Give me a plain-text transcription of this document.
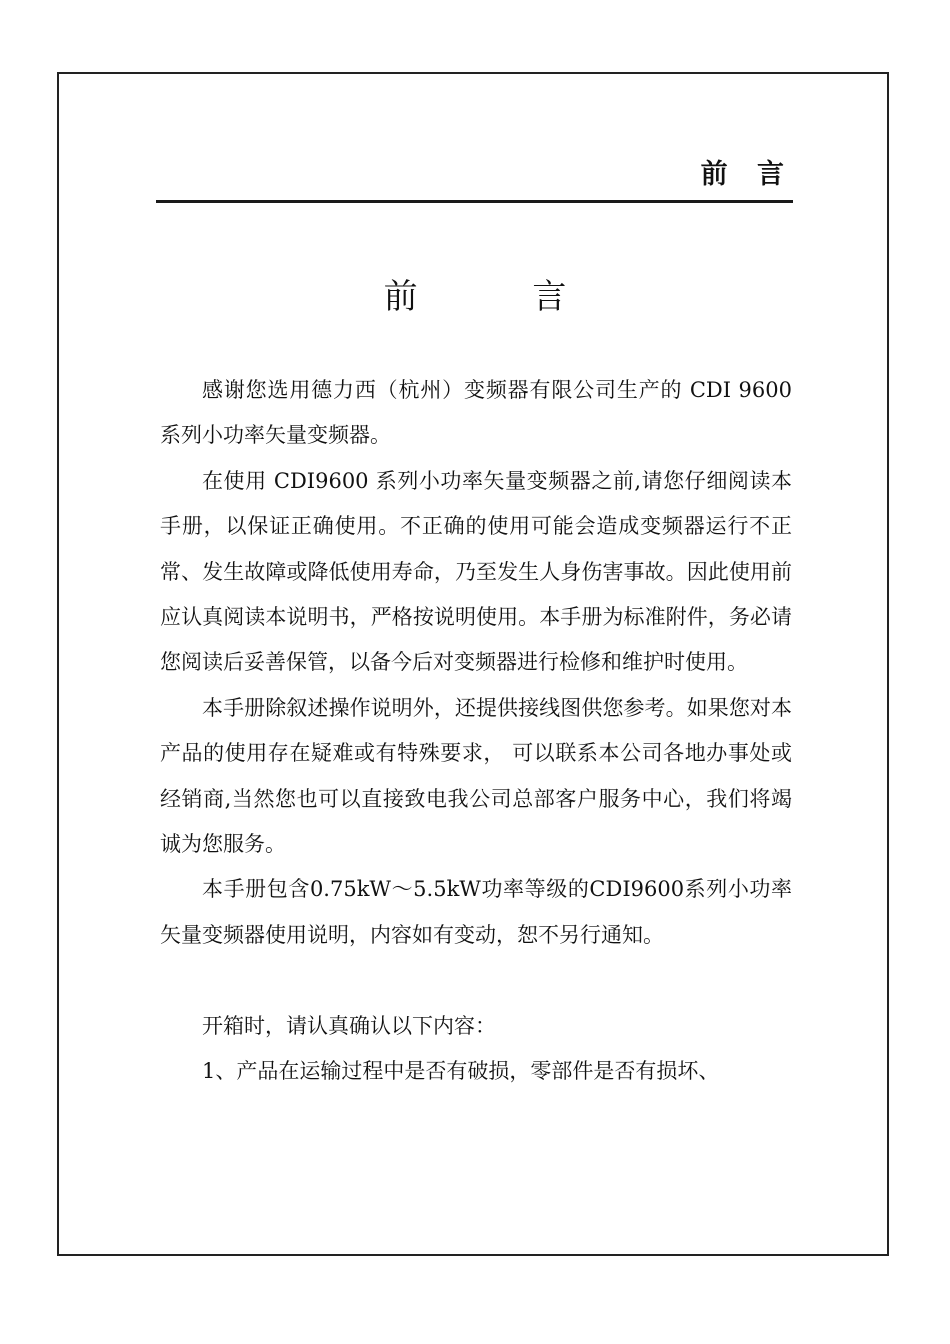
前 言
前 言

感谢您选用德力西（杭州）变频器有限公司生产的 CDI 9600 系列小功率矢量变频器。

在使用 CDI9600 系列小功率矢量变频器之前,请您仔细阅读本手册，以保证正确使用。不正确的使用可能会造成变频器运行不正常、发生故障或降低使用寿命，乃至发生人身伤害事故。因此使用前应认真阅读本说明书，严格按说明使用。本手册为标准附件，务必请您阅读后妥善保管，以备今后对变频器进行检修和维护时使用。

本手册除叙述操作说明外，还提供接线图供您参考。如果您对本产品的使用存在疑难或有特殊要求， 可以联系本公司各地办事处或经销商,当然您也可以直接致电我公司总部客户服务中心，我们将竭诚为您服务。

本手册包含0.75kW～5.5kW功率等级的CDI9600系列小功率矢量变频器使用说明，内容如有变动，恕不另行通知。

开箱时，请认真确认以下内容：

1、产品在运输过程中是否有破损，零部件是否有损坏、
